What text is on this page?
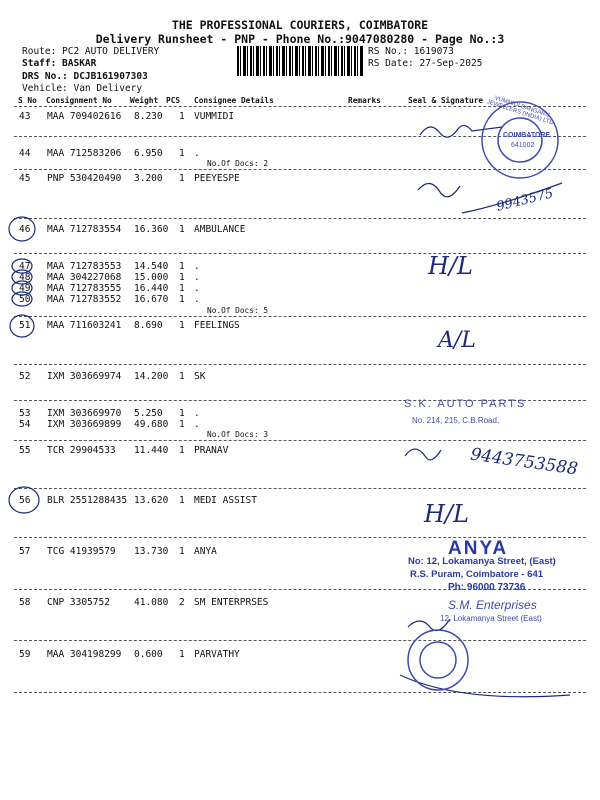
THE PROFESSIONAL COURIERS, COIMBATORE
Delivery Runsheet - PNP - Phone No.:9047080280 - Page No.:3
Route: PC2 AUTO DELIVERY
Staff: BASKAR
DRS No.: DCJB161907303
Vehicle: Van Delivery
RS No.: 1619073
RS Date: 27-Sep-2025
S No Consignment No Weight PCS Consignee Details	Remarks	Seal & Signature
43 MAA 709402616 8.230 1 VUMMIDI
44 MAA 712583206 6.950 1 .
No.Of Docs: 2
45 PNP 530420490 3.200 1 PEEYESPE
46 MAA 712783554 16.360 1 AMBULANCE
47 MAA 712783553 14.540 1 .
48 MAA 304227068 15.000 1 .
49 MAA 712783555 16.440 1 .
50 MAA 712783552 16.670 1 .
No.Of Docs: 5
51 MAA 711603241 8.690 1 FEELINGS
52 IXM 303669974 14.200 1 SK
53 IXM 303669970 5.250 1 .
54 IXM 303669899 49.680 1 .
No.Of Docs: 3
55 TCR 29904533 11.440 1 PRANAV
56 BLR 2551288435 13.620 1 MEDI ASSIST
57 TCG 41939579 13.730 1 ANYA
58 CNP 3305752	41.080 2 SM ENTERPRSES
59 MAA 304198299 0.600 1 PARVATHY
VUMMIDI BANGARU JEWELLERS (INDIA) LTD
COIMBATORE
641002
S.K. AUTO PARTS
No. 214, 215, C.B.Road,
ANYA
No: 12, Lokamanya Street, (East)
R.S. Puram, Coimbatore - 641
Ph: 96000 73736
S.M. Enterprises
12, Lokamanya Street (East)
H/L
A/L
H/L
9943575
9443753588
